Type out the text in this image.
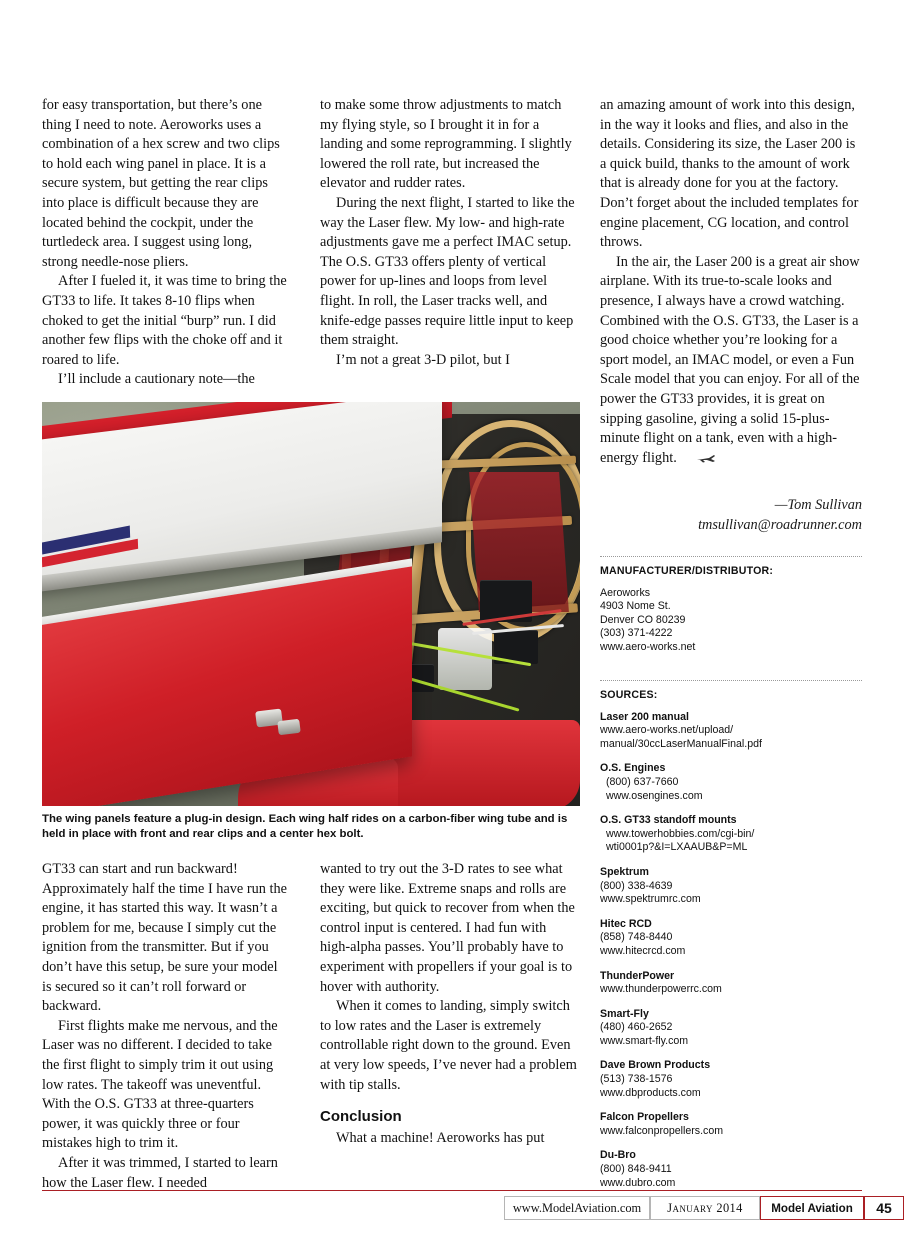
for easy transportation, but there’s one thing I need to note. Aeroworks uses a combination of a hex screw and two clips to hold each wing panel in place. It is a secure system, but getting the rear clips into place is difficult because they are located behind the cockpit, under the turtledeck area. I suggest using long, strong needle-nose pliers.

After I fueled it, it was time to bring the GT33 to life. It takes 8-10 flips when choked to get the initial “burp” run. I did another few flips with the choke off and it roared to life.

I’ll include a cautionary note—the

to make some throw adjustments to match my flying style, so I brought it in for a landing and some reprogramming. I slightly lowered the roll rate, but increased the elevator and rudder rates.

During the next flight, I started to like the way the Laser flew. My low- and high-rate adjustments gave me a perfect IMAC setup. The O.S. GT33 offers plenty of vertical power for up-lines and loops from level flight. In roll, the Laser tracks well, and knife-edge passes require little input to keep them straight.

I’m not a great 3-D pilot, but I

an amazing amount of work into this design, in the way it looks and flies, and also in the details. Considering its size, the Laser 200 is a quick build, thanks to the amount of work that is already done for you at the factory. Don’t forget about the included templates for engine placement, CG location, and control throws.

In the air, the Laser 200 is a great air show airplane. With its true-to-scale looks and presence, I always have a crowd watching. Combined with the O.S. GT33, the Laser is a good choice whether you’re looking for a sport model, an IMAC model, or even a Fun Scale model that you can enjoy. For all of the power the GT33 provides, it is great on sipping gasoline, giving a solid 15-plus-minute flight on a tank, even with a high-energy flight.

—Tom Sullivan
tmsullivan@roadrunner.com
The wing panels feature a plug-in design. Each wing half rides on a carbon-fiber wing tube and is held in place with front and rear clips and a center hex bolt.

GT33 can start and run backward! Approximately half the time I have run the engine, it has started this way. It wasn’t a problem for me, because I simply cut the ignition from the transmitter. But if you don’t have this setup, be sure your model is secured so it can’t roll forward or backward.

First flights make me nervous, and the Laser was no different. I decided to take the first flight to simply trim it out using low rates. The takeoff was uneventful. With the O.S. GT33 at three-quarters power, it was quickly three or four mistakes high to trim it.

After it was trimmed, I started to learn how the Laser flew. I needed

wanted to try out the 3-D rates to see what they were like. Extreme snaps and rolls are exciting, but quick to recover from when the control input is centered. I had fun with high-alpha passes. You’ll probably have to experiment with propellers if your goal is to hover with authority.

When it comes to landing, simply switch to low rates and the Laser is extremely controllable right down to the ground. Even at very low speeds, I’ve never had a problem with tip stalls.

Conclusion

What a machine! Aeroworks has put

MANUFACTURER/DISTRIBUTOR:
Aeroworks
4903 Nome St.
Denver CO 80239
(303) 371-4222
www.aero-works.net
SOURCES:
Laser 200 manual
www.aero-works.net/upload/
manual/30ccLaserManualFinal.pdf
O.S. Engines
(800) 637-7660
www.osengines.com
O.S. GT33 standoff mounts
www.towerhobbies.com/cgi-bin/
wti0001p?&I=LXAAUB&P=ML
Spektrum
(800) 338-4639
www.spektrumrc.com
Hitec RCD
(858) 748-8440
www.hitecrcd.com
ThunderPower
www.thunderpowerrc.com
Smart-Fly
(480) 460-2652
www.smart-fly.com
Dave Brown Products
(513) 738-1576
www.dbproducts.com
Falcon Propellers
www.falconpropellers.com
Du-Bro
(800) 848-9411
www.dubro.com
www.ModelAviation.com	January 2014	Model Aviation	45
